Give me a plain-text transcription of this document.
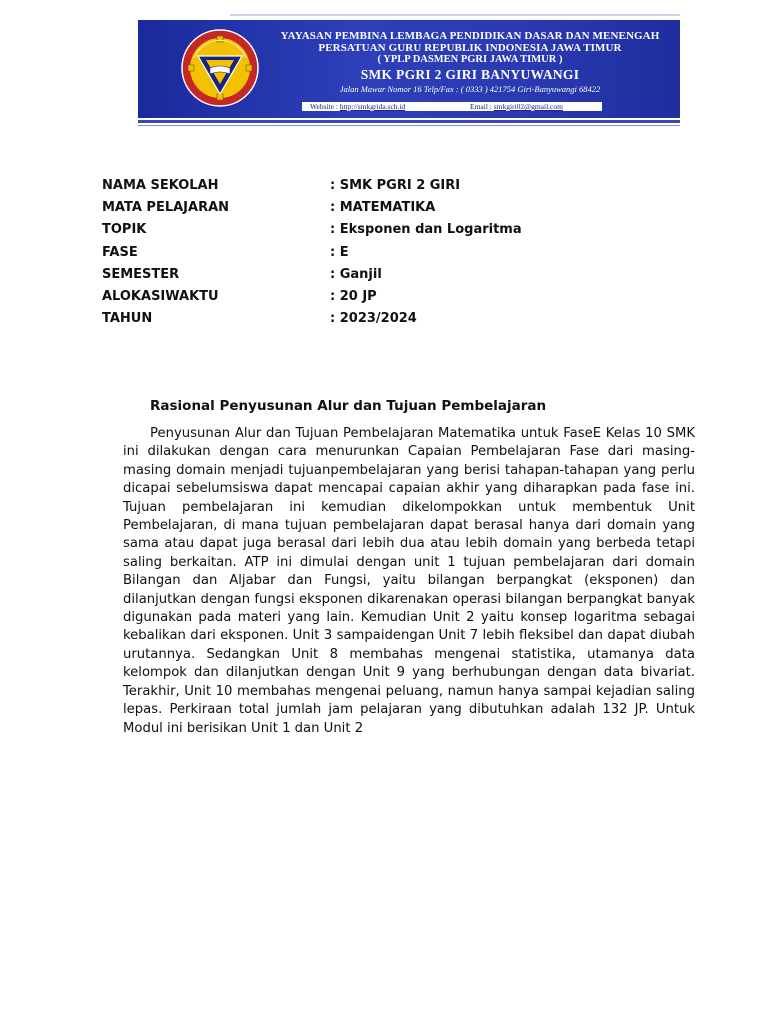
YAYASAN PEMBINA LEMBAGA PENDIDIKAN DASAR DAN MENENGAH
PERSATUAN GURU REPUBLIK INDONESIA JAWA TIMUR
( YPLP DASMEN PGRI JAWA TIMUR )
SMK PGRI 2 GIRI BANYUWANGI
Jalan Mawar Nomor 16 Telp/Fax : ( 0333 ) 421754 Giri-Banyuwangi 68422
Website : http://smkgrida.sch.id	Email : smkgiri02@gmail.com
NAMA SEKOLAH	: SMK PGRI 2 GIRI
MATA PELAJARAN	: MATEMATIKA
TOPIK	: Eksponen dan Logaritma
FASE	: E
SEMESTER	: Ganjil
ALOKASIWAKTU	: 20 JP
TAHUN	: 2023/2024
Rasional Penyusunan Alur dan Tujuan Pembelajaran
Penyusunan Alur dan Tujuan Pembelajaran Matematika untuk FaseE Kelas 10 SMK ini dilakukan dengan cara menurunkan Capaian Pembelajaran Fase dari masing-masing domain menjadi tujuanpembelajaran yang berisi tahapan-tahapan yang perlu dicapai sebelumsiswa dapat mencapai capaian akhir yang diharapkan pada fase ini. Tujuan pembelajaran ini kemudian dikelompokkan untuk membentuk Unit Pembelajaran, di mana tujuan pembelajaran dapat berasal hanya dari domain yang sama atau dapat juga berasal dari lebih dua atau lebih domain yang berbeda tetapi saling berkaitan. ATP ini dimulai dengan unit 1 tujuan pembelajaran dari domain Bilangan dan Aljabar dan Fungsi, yaitu bilangan berpangkat (eksponen) dan dilanjutkan dengan fungsi eksponen dikarenakan operasi bilangan berpangkat banyak digunakan pada materi yang lain. Kemudian Unit 2 yaitu konsep logaritma sebagai kebalikan dari eksponen. Unit 3 sampaidengan Unit 7 lebih fleksibel dan dapat diubah urutannya. Sedangkan Unit 8 membahas mengenai statistika, utamanya data kelompok dan dilanjutkan dengan Unit 9 yang berhubungan dengan data bivariat. Terakhir, Unit 10 membahas mengenai peluang, namun hanya sampai kejadian saling lepas. Perkiraan total jumlah jam pelajaran yang dibutuhkan adalah 132 JP. Untuk Modul ini berisikan Unit 1 dan Unit 2
